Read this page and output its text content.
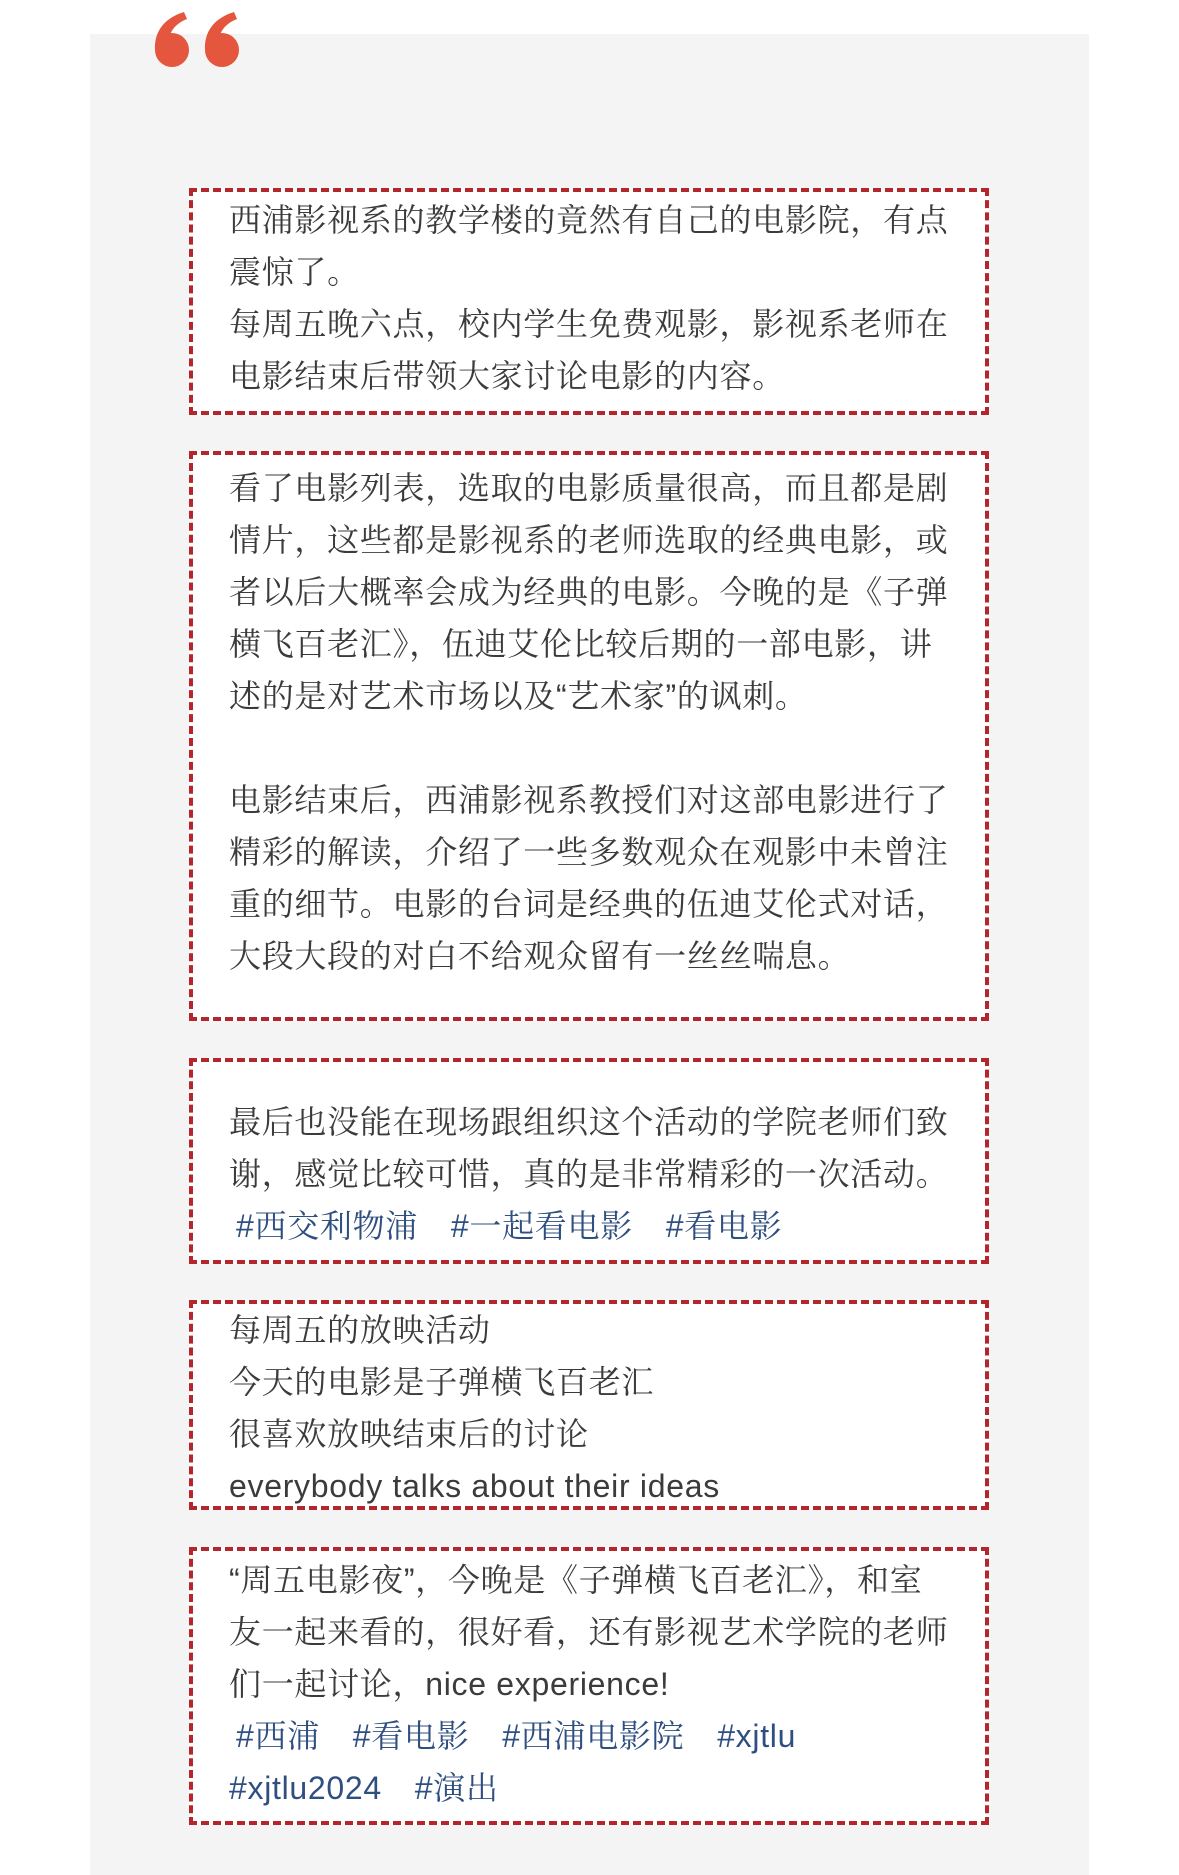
西浦影视系的教学楼的竟然有自己的电影院，有点
震惊了。
每周五晚六点，校内学生免费观影，影视系老师在
电影结束后带领大家讨论电影的内容。
看了电影列表，选取的电影质量很高，而且都是剧
情片，这些都是影视系的老师选取的经典电影，或
者以后大概率会成为经典的电影。今晚的是《子弹
横飞百老汇》，伍迪艾伦比较后期的一部电影，讲
述的是对艺术市场以及“艺术家”的讽刺。
电影结束后，西浦影视系教授们对这部电影进行了
精彩的解读，介绍了一些多数观众在观影中未曾注
重的细节。电影的台词是经典的伍迪艾伦式对话，
大段大段的对白不给观众留有一丝丝喘息。
最后也没能在现场跟组织这个活动的学院老师们致
谢，感觉比较可惜，真的是非常精彩的一次活动。
#西交利物浦 #一起看电影 #看电影
每周五的放映活动
今天的电影是子弹横飞百老汇
很喜欢放映结束后的讨论
everybody talks about their ideas
“周五电影夜”，今晚是《子弹横飞百老汇》，和室
友一起来看的，很好看，还有影视艺术学院的老师
们一起讨论，nice experience!
#西浦 #看电影 #西浦电影院 #xjtlu
#xjtlu2024 #演出
